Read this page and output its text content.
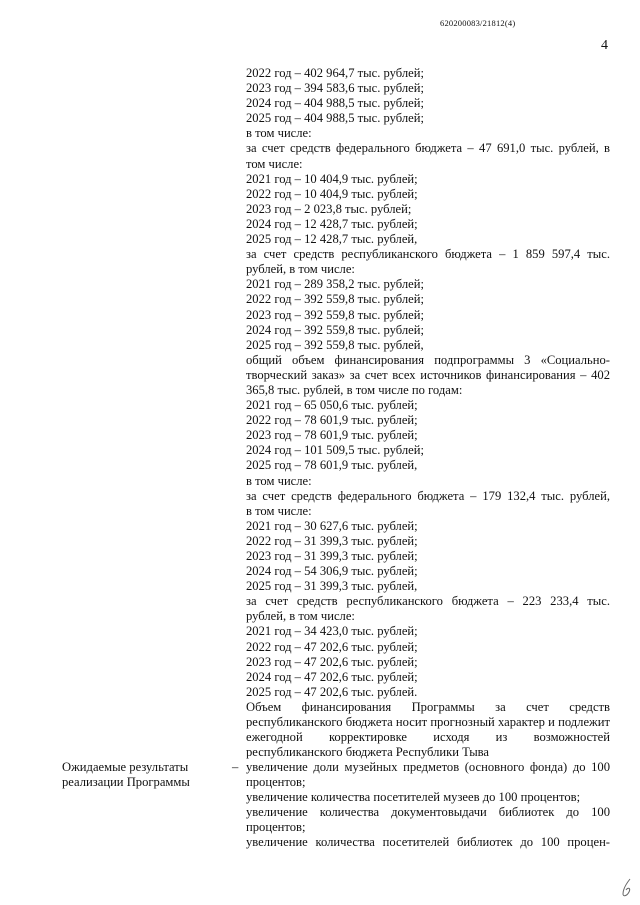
620200083/21812(4)
4
2022 год – 402 964,7 тыс. рублей;
2023 год – 394 583,6 тыс. рублей;
2024 год – 404 988,5 тыс. рублей;
2025 год – 404 988,5 тыс. рублей;
в том числе:
за счет средств федерального бюджета – 47 691,0 тыс. рублей, в
том числе:
2021 год – 10 404,9 тыс. рублей;
2022 год – 10 404,9 тыс. рублей;
2023 год – 2 023,8 тыс. рублей;
2024 год – 12 428,7 тыс. рублей;
2025 год – 12 428,7 тыс. рублей,
за счет средств республиканского бюджета – 1 859 597,4 тыс.
рублей, в том числе:
2021 год – 289 358,2 тыс. рублей;
2022 год – 392 559,8 тыс. рублей;
2023 год – 392 559,8 тыс. рублей;
2024 год – 392 559,8 тыс. рублей;
2025 год – 392 559,8 тыс. рублей,
общий объем финансирования подпрограммы 3 «Социально-творческий заказ» за счет всех источников финансирования – 402 365,8 тыс. рублей, в том числе по годам:
2021 год – 65 050,6 тыс. рублей;
2022 год – 78 601,9 тыс. рублей;
2023 год – 78 601,9 тыс. рублей;
2024 год – 101 509,5 тыс. рублей;
2025 год – 78 601,9 тыс. рублей,
в том числе:
за счет средств федерального бюджета – 179 132,4 тыс. рублей,
в том числе:
2021 год – 30 627,6 тыс. рублей;
2022 год – 31 399,3 тыс. рублей;
2023 год – 31 399,3 тыс. рублей;
2024 год – 54 306,9 тыс. рублей;
2025 год – 31 399,3 тыс. рублей,
за счет средств республиканского бюджета – 223 233,4 тыс.
рублей, в том числе:
2021 год – 34 423,0 тыс. рублей;
2022 год – 47 202,6 тыс. рублей;
2023 год – 47 202,6 тыс. рублей;
2024 год – 47 202,6 тыс. рублей;
2025 год – 47 202,6 тыс. рублей.
Объем финансирования Программы за счет средств республиканского бюджета носит прогнозный характер и подлежит ежегодной корректировке исходя из возможностей республиканского бюджета Республики Тыва
Ожидаемые результаты реализации Программы
– увеличение доли музейных предметов (основного фонда) до 100
процентов;
увеличение количества посетителей музеев до 100 процентов;
увеличение количества документовыдачи библиотек до 100
процентов;
увеличение количества посетителей библиотек до 100 процен-
